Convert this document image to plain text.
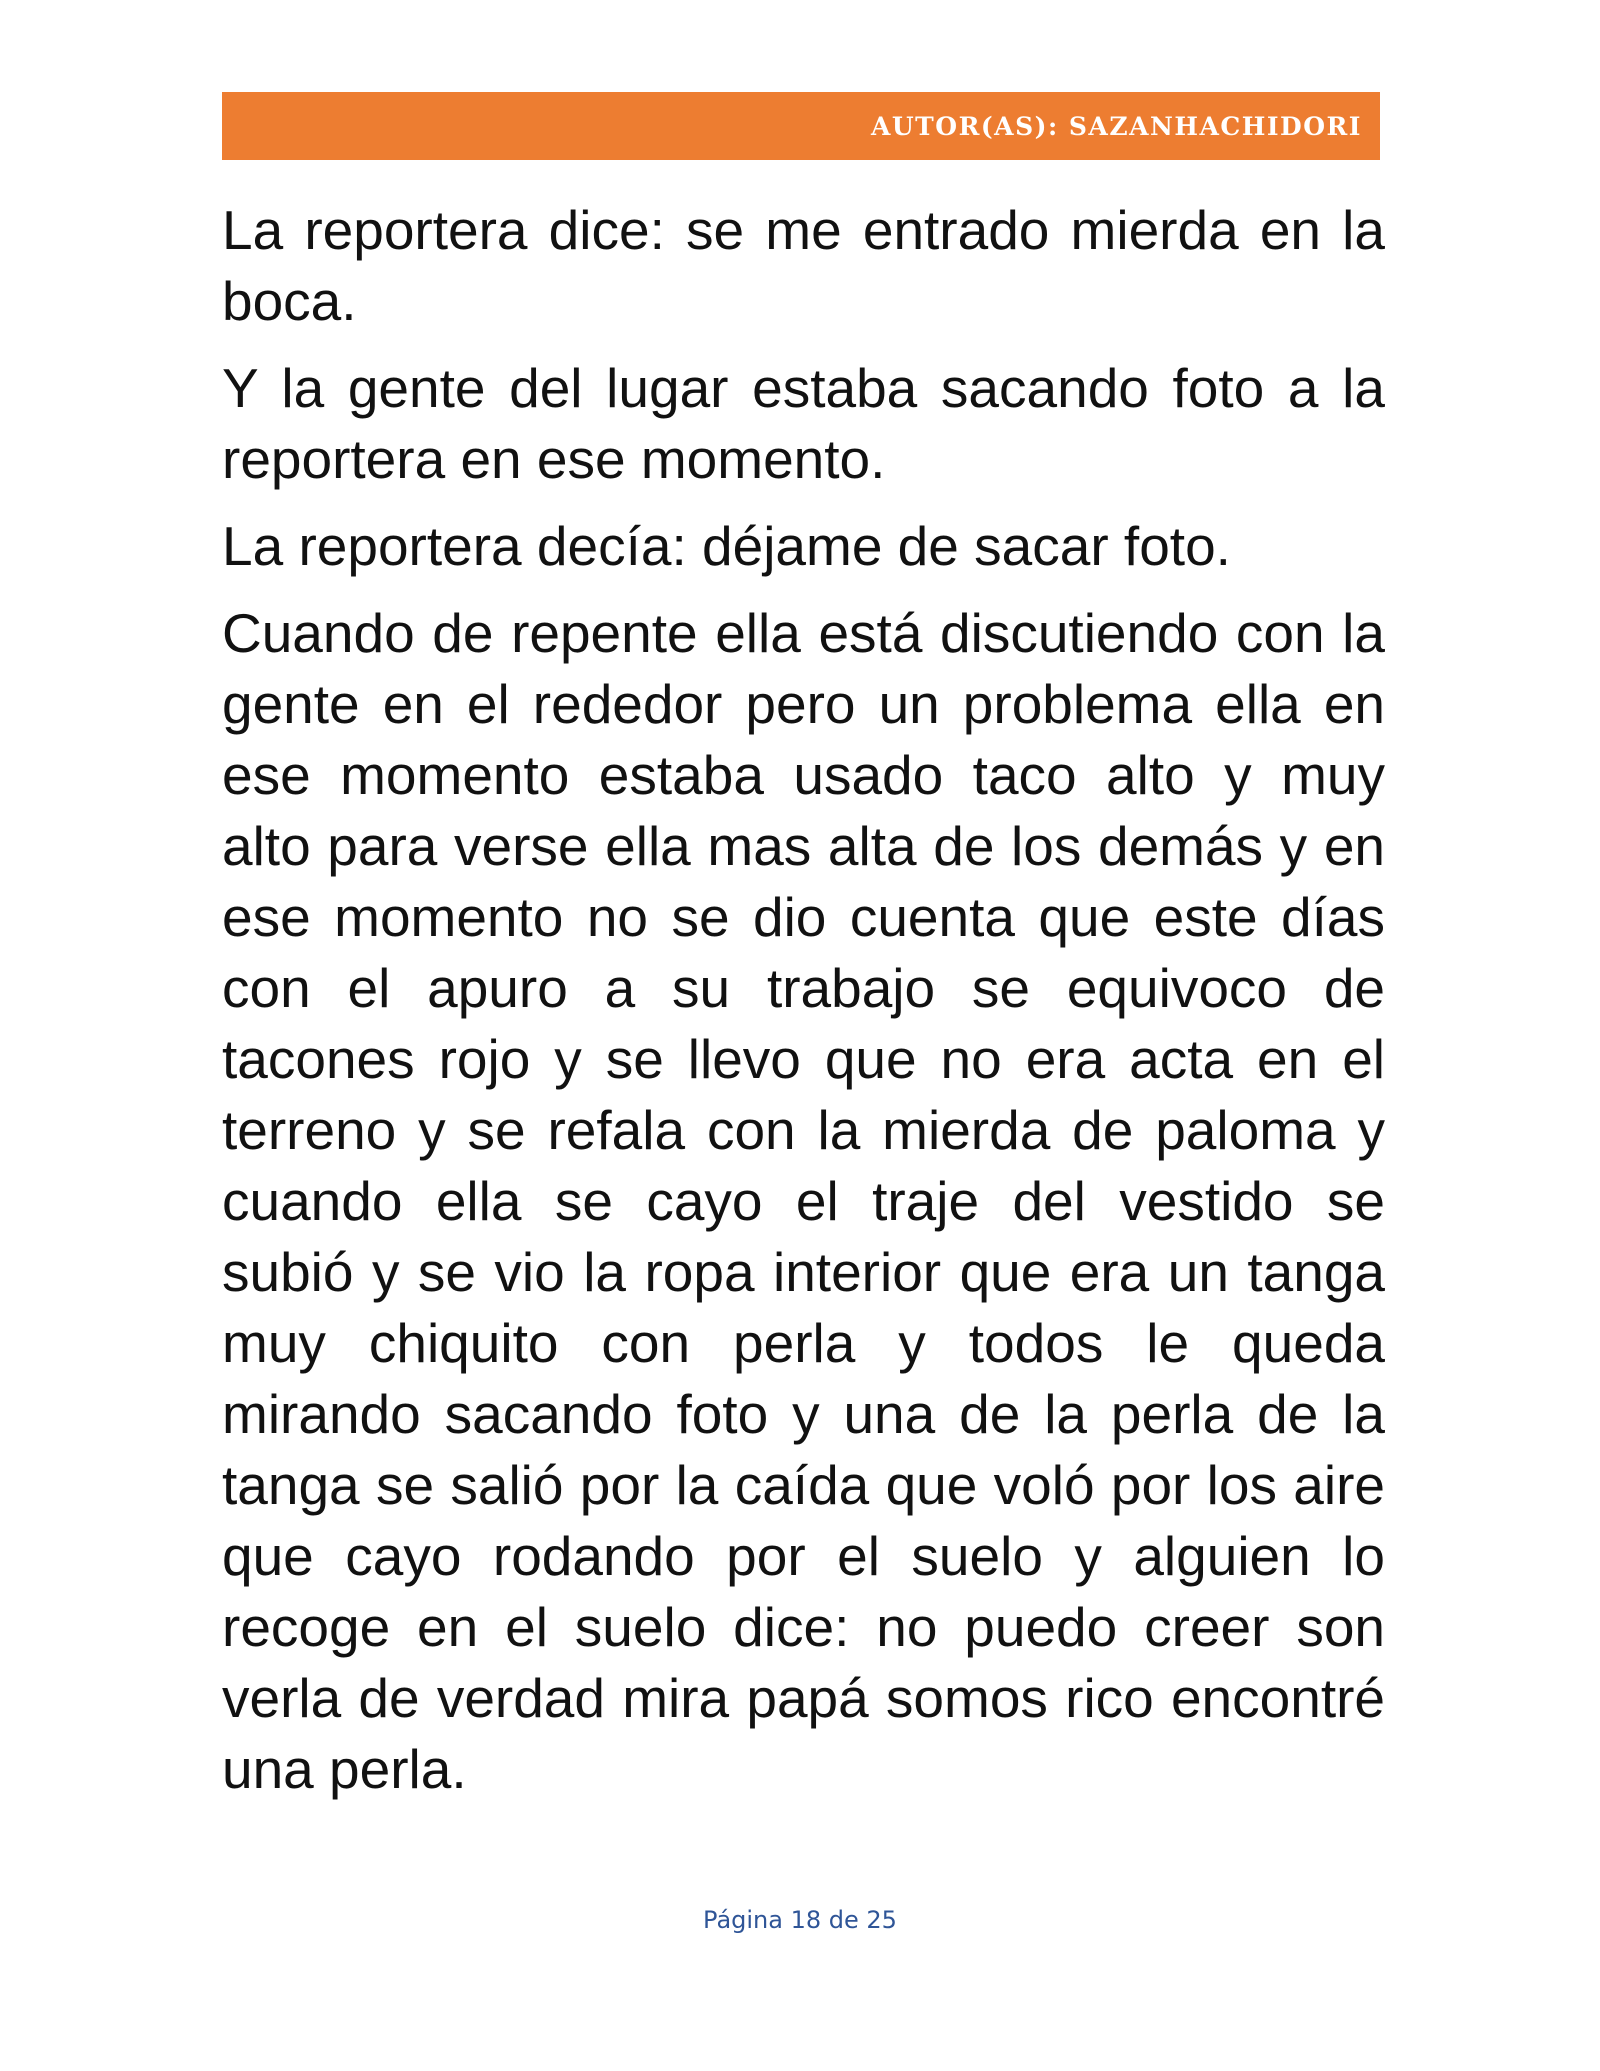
AUTOR(AS): SAZANHACHIDORI

La reportera dice: se me entrado mierda en la boca.

Y la gente del lugar estaba sacando foto a la reportera en ese momento.

La reportera decía: déjame de sacar foto.

Cuando de repente ella está discutiendo con la gente en el rededor pero un problema ella en ese momento estaba usado taco alto y muy alto para verse ella mas alta de los demás y en ese momento no se dio cuenta que este días con el apuro a su trabajo se equivoco de tacones rojo y se llevo que no era acta en el terreno y se refala con la mierda de paloma y cuando ella se cayo el traje del vestido se subió y se vio la ropa interior que era un tanga muy chiquito con perla y todos le queda mirando sacando foto y una de la perla de la tanga se salió por la caída que voló por los aire que cayo rodando por el suelo y alguien lo recoge en el suelo dice: no puedo creer son verla de verdad mira papá somos rico encontré una perla.

Página 18 de 25
